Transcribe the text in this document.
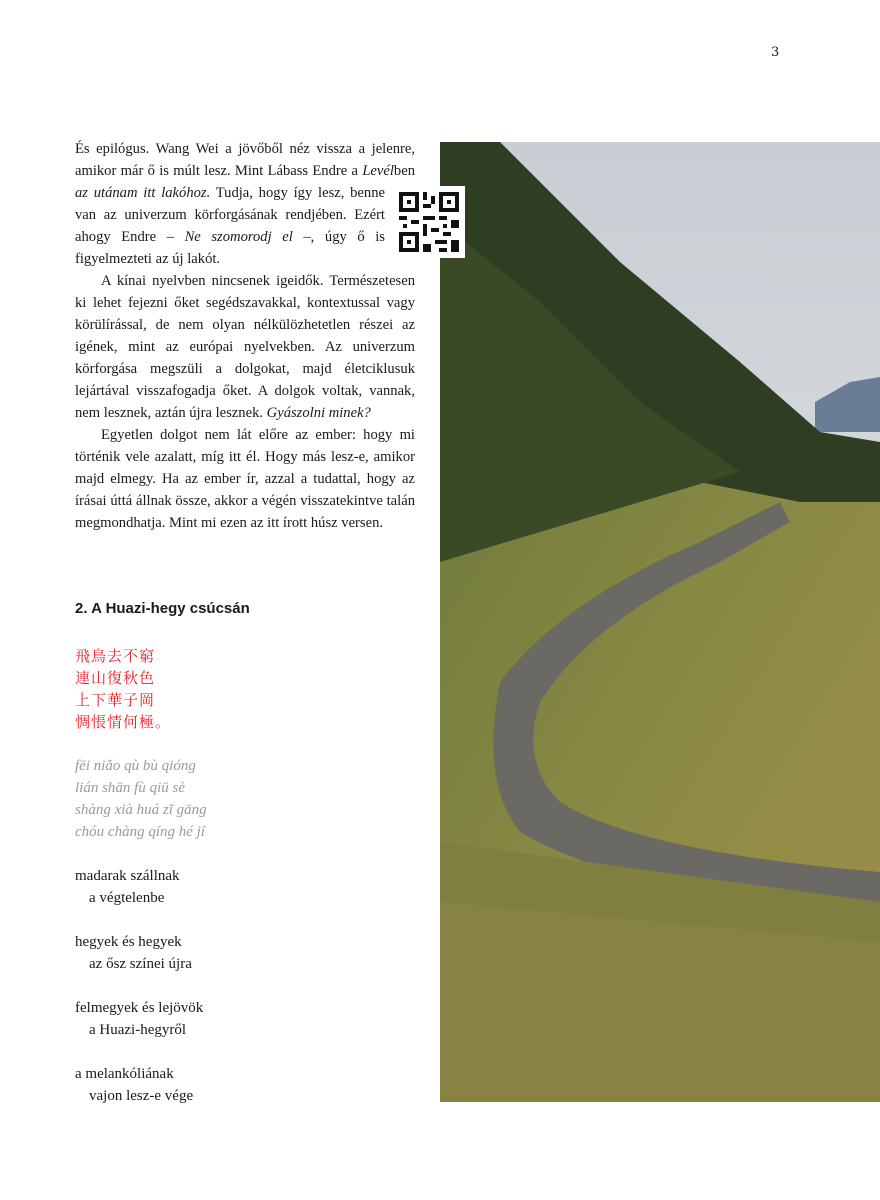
3

És epilógus. Wang Wei a jövőből néz vissza a jelenre, amikor már ő is múlt lesz. Mint Lábass Endre a Levélben az utánam itt lakóhoz. Tudja, hogy így lesz, benne van az univerzum körforgásának rendjében. Ezért ahogy Endre – Ne szomorodj el –, úgy ő is figyelmezteti az új lakót.

A kínai nyelvben nincsenek igeidők. Természetesen ki lehet fejezni őket segédszavakkal, kontextussal vagy körülírással, de nem olyan nélkülözhetetlen részei az igének, mint az európai nyelvekben. Az univerzum körforgása megszüli a dolgokat, majd életciklusuk lejártával visszafogadja őket. A dolgok voltak, vannak, nem lesznek, aztán újra lesznek. Gyászolni minek?

Egyetlen dolgot nem lát előre az ember: hogy mi történik vele azalatt, míg itt él. Hogy más lesz-e, amikor majd elmegy. Ha az ember ír, azzal a tudattal, hogy az írásai úttá állnak össze, akkor a végén visszatekintve talán megmondhatja. Mint mi ezen az itt írott húsz versen.

2. A Huazi-hegy csúcsán
飛鳥去不窮
連山復秋色
上下華子岡
惆悵情何極。
fēi niǎo qù bù qióng
lián shān fù qiū sè
shàng xià huá zĭ gāng
chóu chàng qíng hé jí
madarak szállnak
a végtelenbe
hegyek és hegyek
az ősz színei újra
felmegyek és lejövök
a Huazi-hegyről
a melankóliának
vajon lesz-e vége
